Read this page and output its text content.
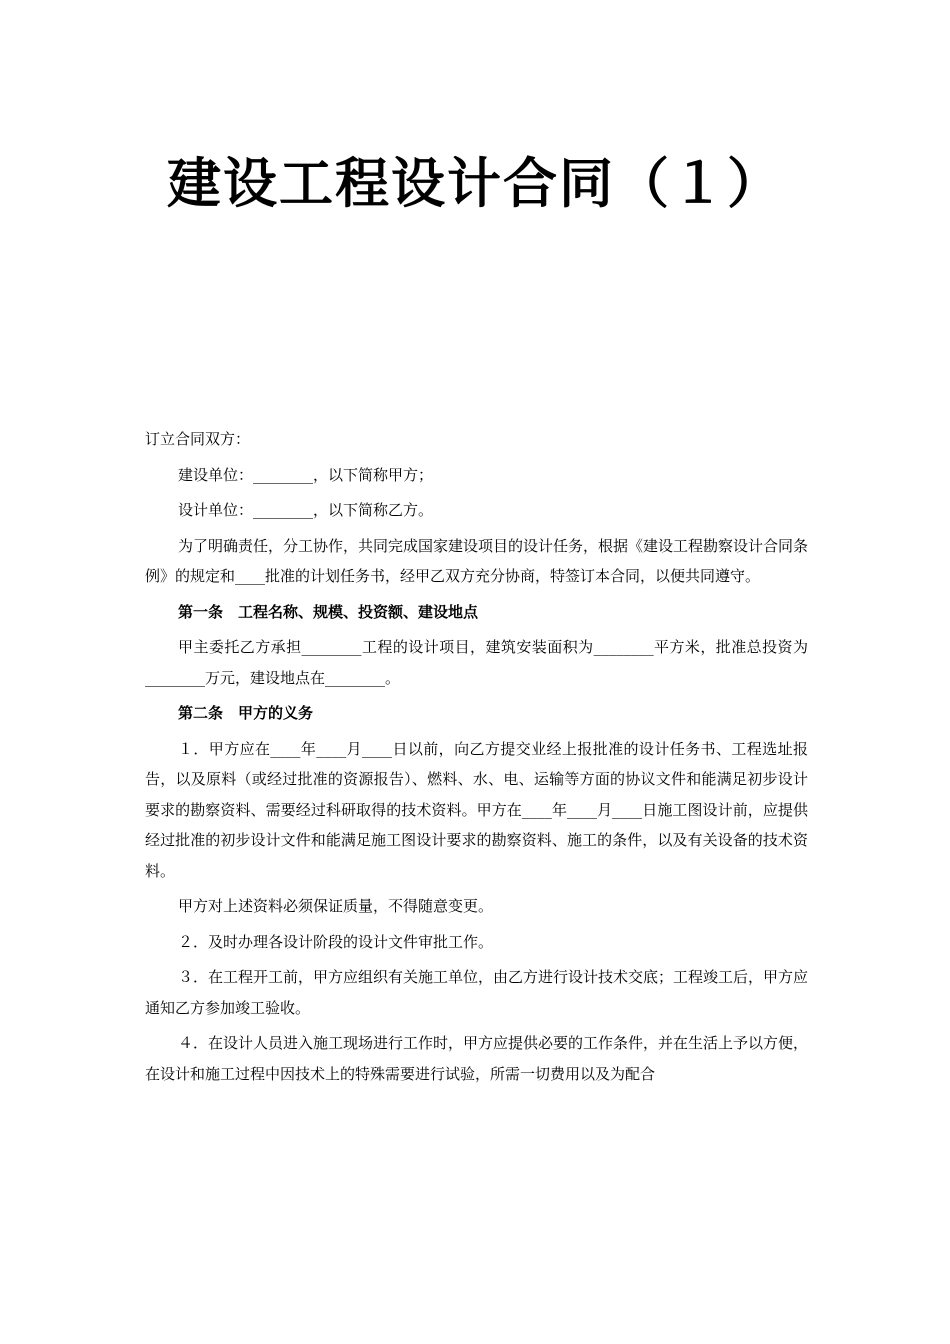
建设工程设计合同（１）

订立合同双方：

建设单位：________，以下简称甲方；

设计单位：________，以下简称乙方。

为了明确责任，分工协作，共同完成国家建设项目的设计任务，根据《建设工程勘察设计合同条例》的规定和____批准的计划任务书，经甲乙双方充分协商，特签订本合同，以便共同遵守。

第一条　工程名称、规模、投资额、建设地点

甲主委托乙方承担________工程的设计项目，建筑安装面积为________平方米，批准总投资为________万元，建设地点在________。

第二条　甲方的义务

１．甲方应在____年____月____日以前，向乙方提交业经上报批准的设计任务书、工程选址报告，以及原料（或经过批准的资源报告）、燃料、水、电、运输等方面的协议文件和能满足初步设计要求的勘察资料、需要经过科研取得的技术资料。甲方在____年____月____日施工图设计前，应提供经过批准的初步设计文件和能满足施工图设计要求的勘察资料、施工的条件，以及有关设备的技术资料。

甲方对上述资料必须保证质量，不得随意变更。

２．及时办理各设计阶段的设计文件审批工作。

３．在工程开工前，甲方应组织有关施工单位，由乙方进行设计技术交底；工程竣工后，甲方应通知乙方参加竣工验收。

４．在设计人员进入施工现场进行工作时，甲方应提供必要的工作条件，并在生活上予以方便，在设计和施工过程中因技术上的特殊需要进行试验，所需一切费用以及为配合
